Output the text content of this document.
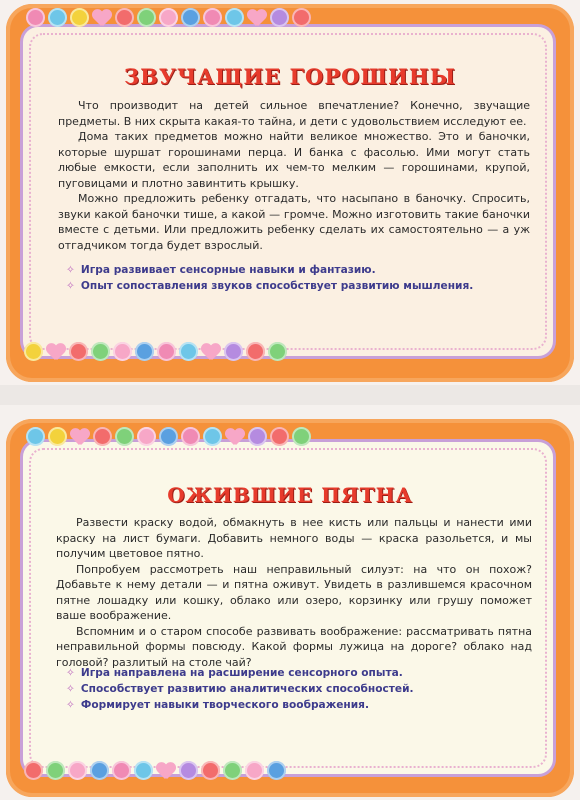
ЗВУЧАЩИЕ ГОРОШИНЫ

Что производит на детей сильное впечатление? Конечно, звучащие предметы. В них скрыта какая-то тайна, и дети с удовольствием исследуют ее.

Дома таких предметов можно найти великое множество. Это и баночки, которые шуршат горошинами перца. И банка с фасолью. Ими могут стать любые емкости, если заполнить их чем-то мелким — горошинами, крупой, пуговицами и плотно завинтить крышку.

Можно предложить ребенку отгадать, что насыпано в баночку. Спросить, звуки какой баночки тише, а какой — громче. Можно изготовить такие баночки вместе с детьми. Или предложить ребенку сделать их самостоятельно — а уж отгадчиком тогда будет взрослый.

✧ Игра развивает сенсорные навыки и фантазию.
✧ Опыт сопоставления звуков способствует развитию мышления.
ОЖИВШИЕ ПЯТНА

Развести краску водой, обмакнуть в нее кисть или пальцы и нанести ими краску на лист бумаги. Добавить немного воды — краска разольется, и мы получим цветовое пятно.

Попробуем рассмотреть наш неправильный силуэт: на что он похож? Добавьте к нему детали — и пятна оживут. Увидеть в разлившемся красочном пятне лошадку или кошку, облако или озеро, корзинку или грушу поможет ваше воображение.

Вспомним и о старом способе развивать воображение: рассматривать пятна неправильной формы повсюду. Какой формы лужица на дороге? облако над головой? разлитый на столе чай?

✧ Игра направлена на расширение сенсорного опыта.
✧ Способствует развитию аналитических способностей.
✧ Формирует навыки творческого воображения.
